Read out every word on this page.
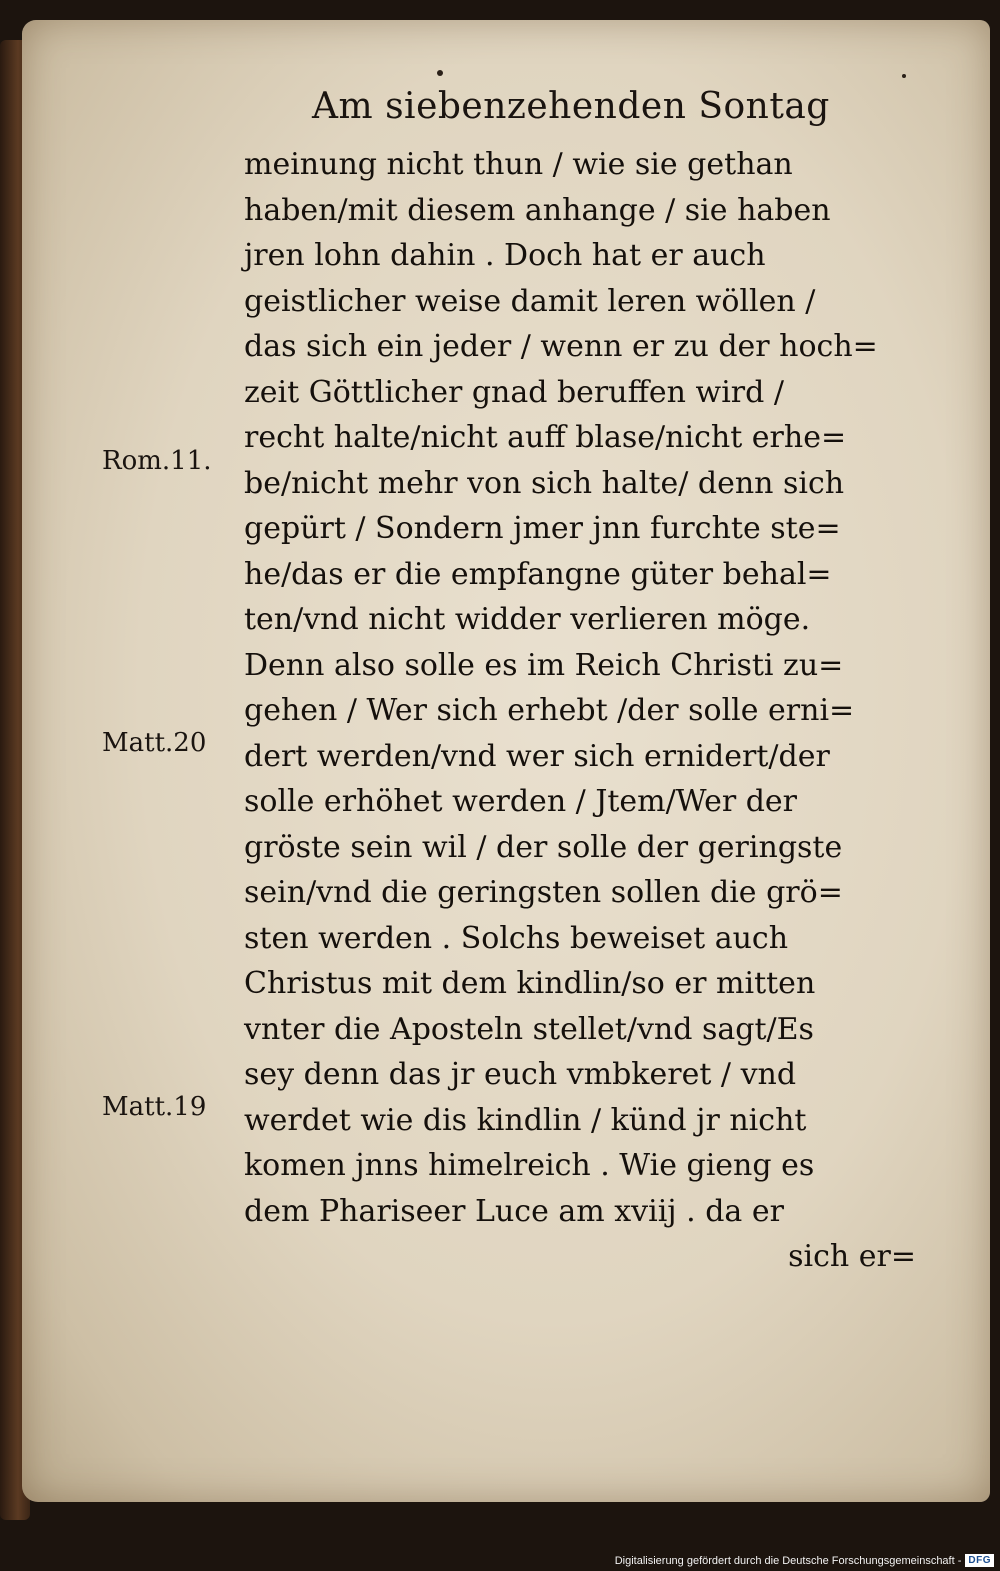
Am siebenzehenden Sontag
meinung nicht thun / wie sie gethan
haben/mit diesem anhange / sie haben
jren lohn dahin . Doch hat er auch
geistlicher weise damit leren wöllen /
das sich ein jeder / wenn er zu der hoch=
zeit Göttlicher gnad beruffen wird /
recht halte/nicht auff blase/nicht erhe=
be/nicht mehr von sich halte/ denn sich
gepürt / Sondern jmer jnn furchte ste=
he/das er die empfangne güter behal=
ten/vnd nicht widder verlieren möge.
Denn also solle es im Reich Christi zu=
gehen / Wer sich erhebt /der solle erni=
dert werden/vnd wer sich ernidert/der
solle erhöhet werden / Jtem/Wer der
gröste sein wil / der solle der geringste
sein/vnd die geringsten sollen die grö=
sten werden . Solchs beweiset auch
Christus mit dem kindlin/so er mitten
vnter die Aposteln stellet/vnd sagt/Es
sey denn das jr euch vmbkeret / vnd
werdet wie dis kindlin / künd jr nicht
komen jnns himelreich . Wie gieng es
dem Phariseer Luce am xviij . da er
sich er=
Rom.11.
Matt.20
Matt.19
Digitalisierung gefördert durch die Deutsche Forschungsgemeinschaft - DFG
